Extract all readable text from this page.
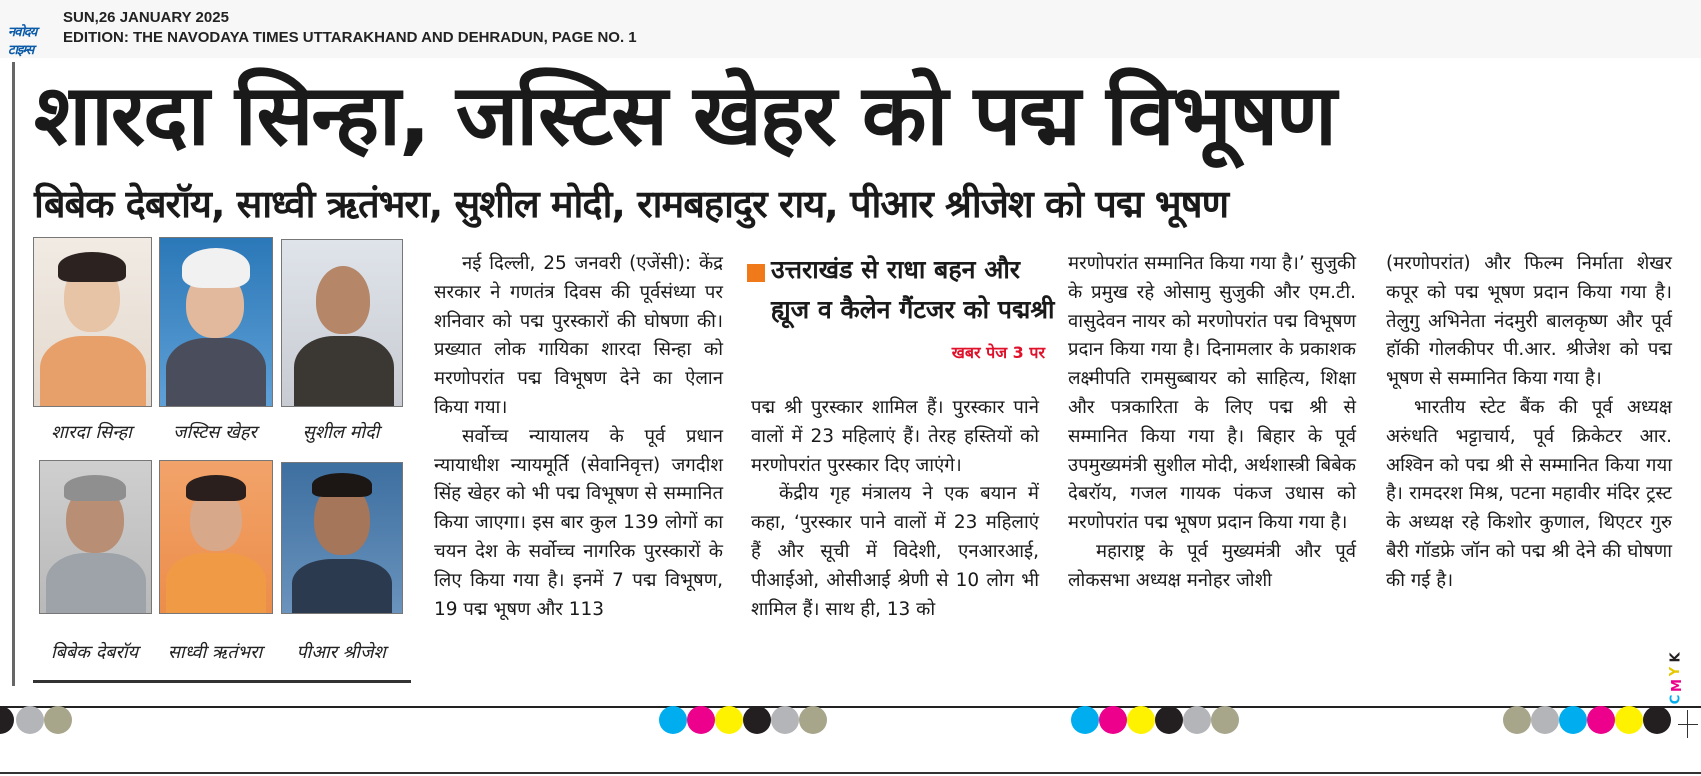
नवोदय टाइम्स
SUN,26 JANUARY 2025
EDITION: THE NAVODAYA TIMES UTTARAKHAND AND DEHRADUN, PAGE NO. 1
शारदा सिन्हा, जस्टिस खेहर को पद्म विभूषण
बिबेक देबरॉय, साध्वी ऋतंभरा, सुशील मोदी, रामबहादुर राय, पीआर श्रीजेश को पद्म भूषण
शारदा सिन्हा	जस्टिस खेहर	सुशील मोदी
बिबेक देबरॉय	साध्वी ऋतंभरा	पीआर श्रीजेश

नई दिल्ली, 25 जनवरी (एजेंसी): केंद्र सरकार ने गणतंत्र दिवस की पूर्वसंध्या पर शनिवार को पद्म पुरस्कारों की घोषणा की। प्रख्यात लोक गायिका शारदा सिन्हा को मरणोपरांत पद्म विभूषण देने का ऐलान किया गया।

सर्वोच्च न्यायालय के पूर्व प्रधान न्यायाधीश न्यायमूर्ति (सेवानिवृत्त) जगदीश सिंह खेहर को भी पद्म विभूषण से सम्मानित किया जाएगा। इस बार कुल 139 लोगों का चयन देश के सर्वोच्च नागरिक पुरस्कारों के लिए किया गया है। इनमें 7 पद्म विभूषण, 19 पद्म भूषण और 113

उत्तराखंड से राधा बहन और
ह्यूज व कैलेन गैंटजर को पद्मश्री
खबर पेज 3 पर

पद्म श्री पुरस्कार शामिल हैं। पुरस्कार पाने वालों में 23 महिलाएं हैं। तेरह हस्तियों को मरणोपरांत पुरस्कार दिए जाएंगे।

केंद्रीय गृह मंत्रालय ने एक बयान में कहा, ‘पुरस्कार पाने वालों में 23 महिलाएं हैं और सूची में विदेशी, एनआरआई, पीआईओ, ओसीआई श्रेणी से 10 लोग भी शामिल हैं। साथ ही, 13 को

मरणोपरांत सम्मानित किया गया है।’ सुजुकी के प्रमुख रहे ओसामु सुजुकी और एम.टी. वासुदेवन नायर को मरणोपरांत पद्म विभूषण प्रदान किया गया है। दिनामलार के प्रकाशक लक्ष्मीपति रामसुब्बायर को साहित्य, शिक्षा और पत्रकारिता के लिए पद्म श्री से सम्मानित किया गया है। बिहार के पूर्व उपमुख्यमंत्री सुशील मोदी, अर्थशास्त्री बिबेक देबरॉय, गजल गायक पंकज उधास को मरणोपरांत पद्म भूषण प्रदान किया गया है।

महाराष्ट्र के पूर्व मुख्यमंत्री और पूर्व लोकसभा अध्यक्ष मनोहर जोशी

(मरणोपरांत) और फिल्म निर्माता शेखर कपूर को पद्म भूषण प्रदान किया गया है। तेलुगु अभिनेता नंदमुरी बालकृष्ण और पूर्व हॉकी गोलकीपर पी.आर. श्रीजेश को पद्म भूषण से सम्मानित किया गया है।

भारतीय स्टेट बैंक की पूर्व अध्यक्ष अरुंधति भट्टाचार्य, पूर्व क्रिकेटर आर. अश्विन को पद्म श्री से सम्मानित किया गया है। रामदरश मिश्र, पटना महावीर मंदिर ट्रस्ट के अध्यक्ष रहे किशोर कुणाल, थिएटर गुरु बैरी गॉडफ्रे जॉन को पद्म श्री देने की घोषणा की गई है।

K
Y
M
C
